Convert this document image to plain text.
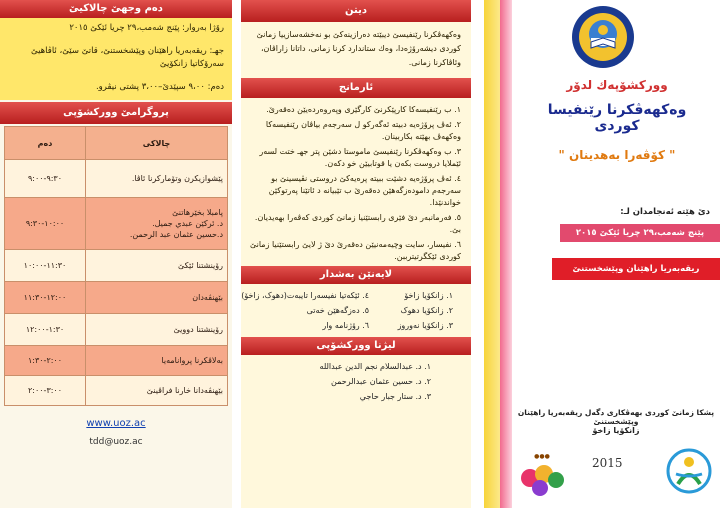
دەم وجهێ چالاکیێ

رۆژا بەروار: پێنج شەمب،٢٩ چریا ئێکێ ٢٠١٥

جهـ: ریقەبەریا راهێنان وپێشخستنێ، قاتێ سێێ، ئاڤاهیێ سەرۆکاتیا زانکۆیێ

دەم: ٩،٠٠ سپێدێ–٣،٠٠ پشتی نیڤرو.

پروگرامێ ووركشۆپی
چالاکی	دەم
پێشوازیکرن وتۆمارکرنا ئاڤا.	٩:٣٠-٩:٠٠
پامبلا بخێرهاتنێ
د. ئرکێن عبدي جميل.
د.حسين عثمان عبد الرحمن.	١٠:٠٠-٩:٣٠
رۆینشتنا ئێکێ	١١:٣٠-١٠:٠٠
بێهنڤەدان	١٢:٠٠-١١:٣٠
رۆینشتنا دوویێ	١:٣٠-١٢:٠٠
بەلاڤکرنا پروانامەیا	٢:٠٠-١:٣٠
بێهنڤەدانا خارنا فراڤينێ	٣:٠٠-٢:٠٠
www.uoz.ac
tdd@uoz.ac
دیتن

وەکهەڤکرنا رێنفیسێ دیبێتە دەرازینەکێ بو نەخشەسازییا زمانێ کوردی دیشەرۆژەدا، وەك ستاندارد کرنا زمانی، داتانا زاراڤان، وئاڤاکرنا زمانی.

ئارمانج

١. ب رێنفيسەکا کارپێکرنێ کارگێری وپەروەردەیێن دەقەرێ.

٢. ئەڤ پرۆژەیە دبیتە ئەگەرکو ل سەرجەم بیاڤان رێنفيسەکا وەکهەڤ بهێتە بکاربینان.

٣. ب وەکهەڤکرنا رێنفيسێ ماموستا دشێن پتر جهـ ختت لسەر ئێملايا دروست بکەن یا قوتابیێن خو دکەن.

٤. ئەڤ پرۆژەیە دشێت ببيتە پرەیەکێ دروستی نڤيسينێ بو سەرجەم دامودەزگەهێن دەقەرێ ب تێبیانە د ئاتێنا پەرتوکێن خواندنێدا.

٥. فەرمانبەر دێ فێری رابستێنیا زمانێ کوردی کەڤەرا بهەیدیان. بێ.

٦. نفیسار، سایت وچیەمەنیێن دەقەرێ دێ ژ لایێ رابستێنیا زمانێ کوردی ئێکگرتیترببن.

لایەنێن بەشدار
١. زانکۆیا زاخۆ ٤. ئێکەتیا نفیسەرا تایبەت(دهوک، زاخۆ)
٢. زانکۆیا دهوک ٥. دەزگەهێن خەتی
٣. زانکۆیا نەوروز ٦. رۆژنامە وار
لیژنا ووركشۆپی
١. د. عبدالسلام نجم الدين عبدالله
٢. د. حسين عثمان عبدالرحمن
٣. د. ستار جبار حاجي
ووركشۆپەك لدۆر
وەکهەڤکرنا رێنفيسا کوردی
" کۆڤەرا بەهدینان "
دێ هێتە ئەنجامدان لـ:
پێنج شەمب،٢٩ چریا ئێکێ ٢٠١٥
ریقەبەریا راهێنان وپێشخستنێ
پشکا زمانێ کوردی بهەڤکاری دگەل ریقەبەریا راهێنان وپێشخستنێ
زانکۆیا زاخۆ
●●●	2015
